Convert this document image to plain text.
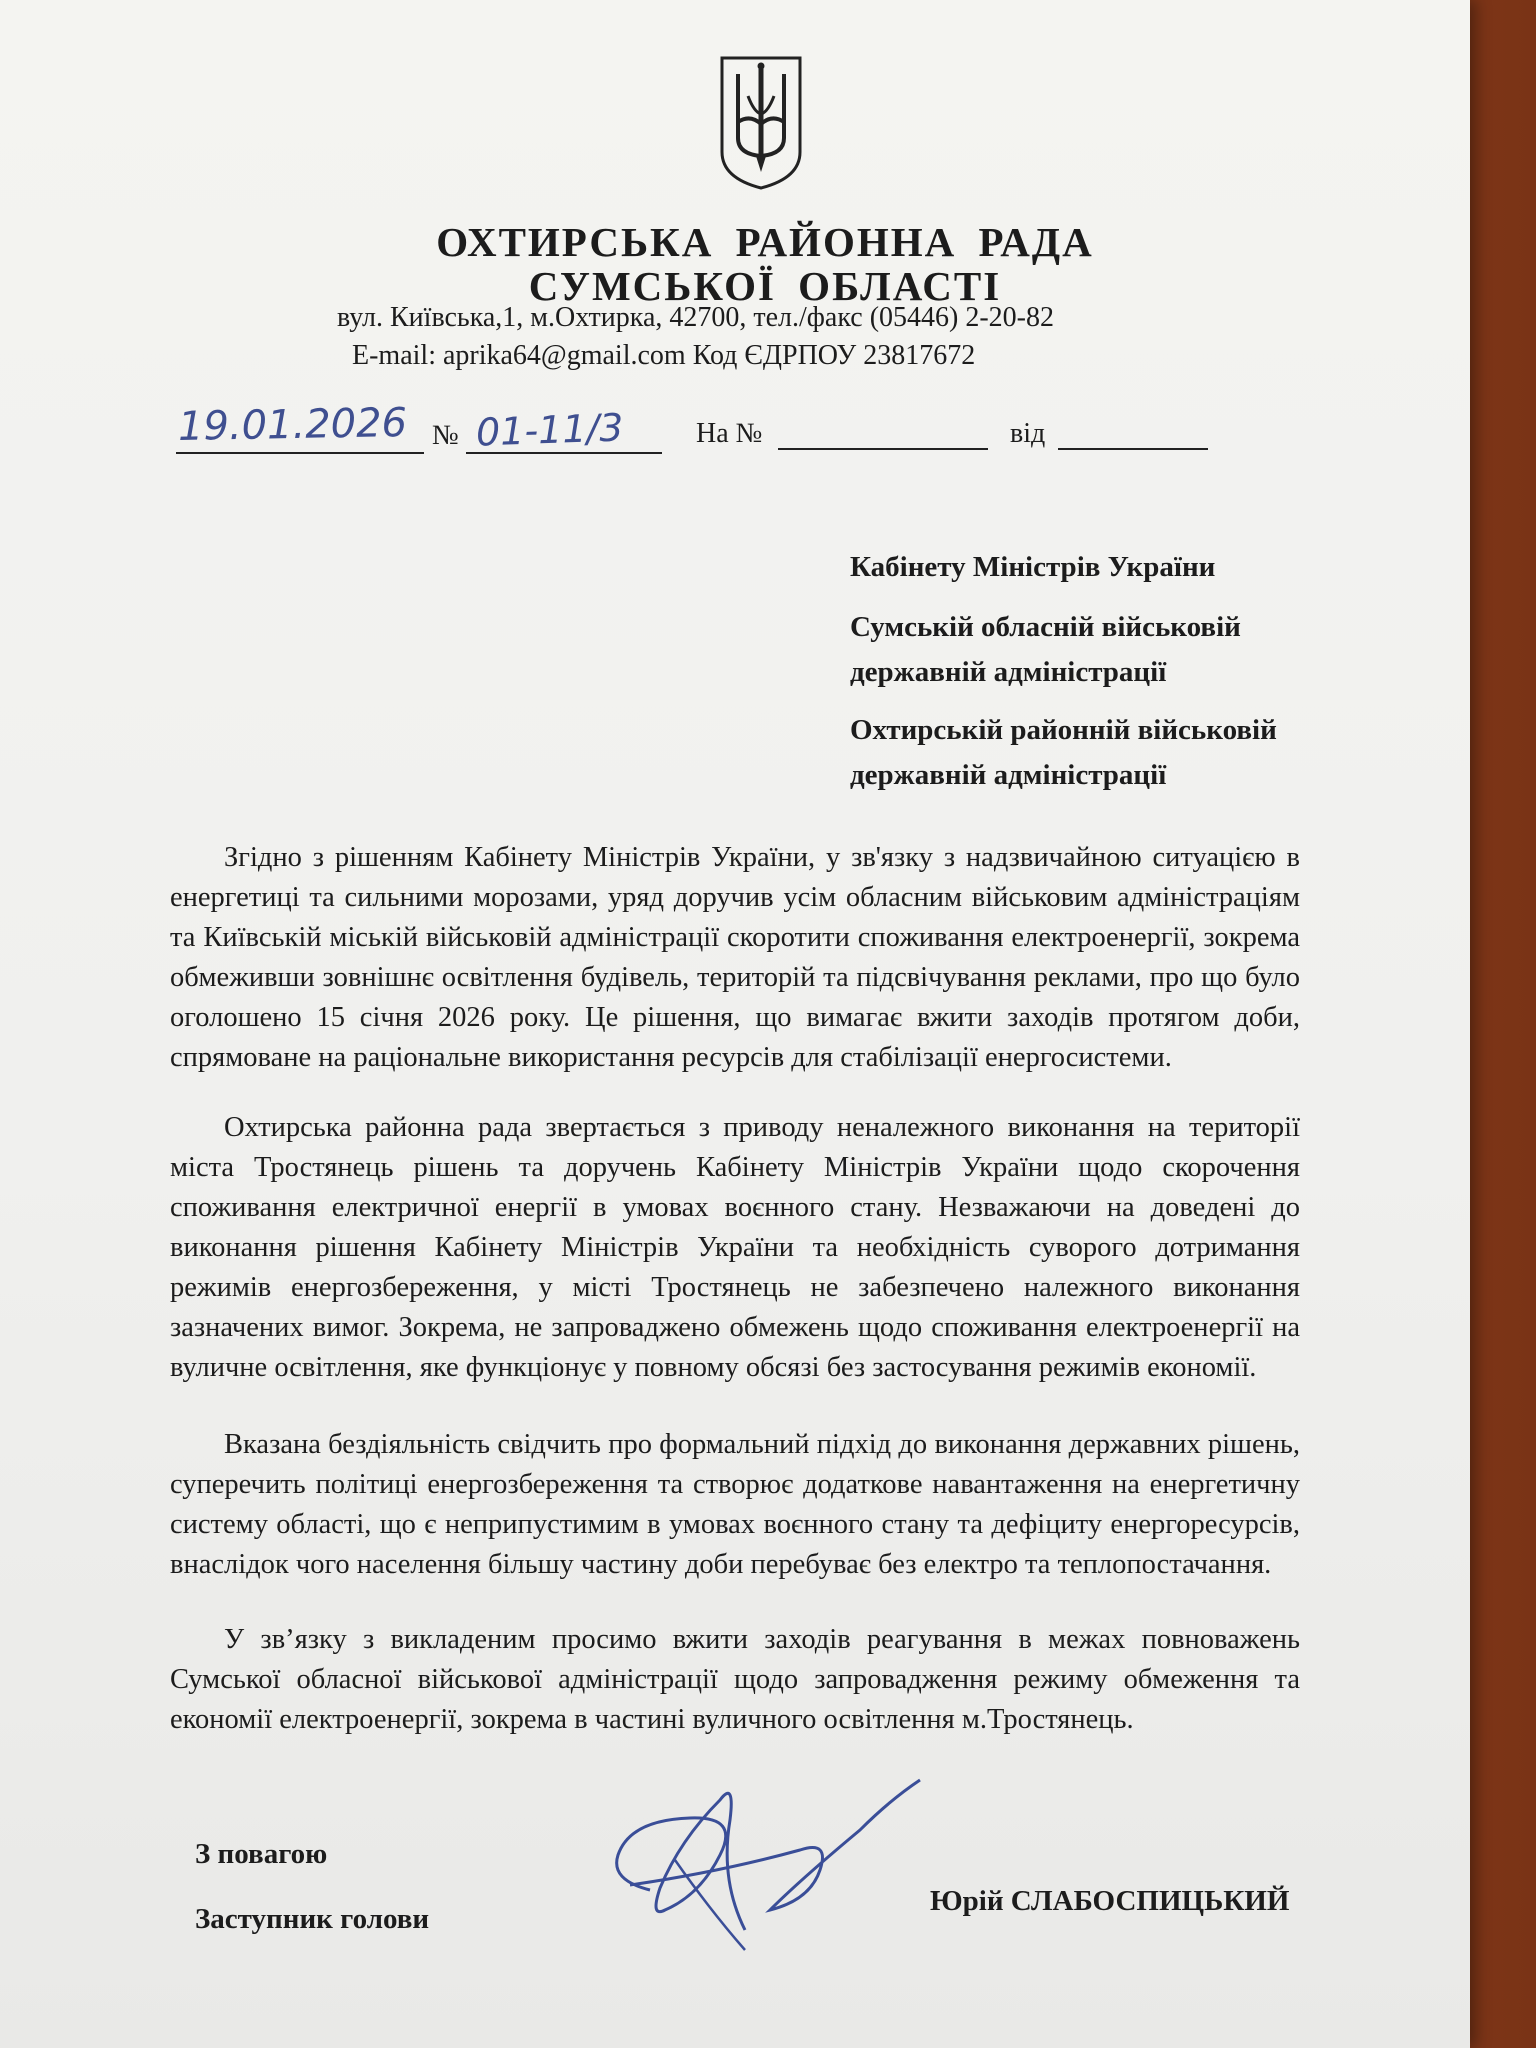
ОХТИРСЬКА РАЙОННА РАДА
СУМСЬКОЇ ОБЛАСТІ
вул. Київська,1, м.Охтирка, 42700, тел./факс (05446) 2-20-82
E-mail: aprika64@gmail.com Код ЄДРПОУ 23817672
19.01.2026 № 01-11/3	На №	від
Кабінету Міністрів України
Сумській обласній військовій
державній адміністрації
Охтирській районній військовій
державній адміністрації

Згідно з рішенням Кабінету Міністрів України, у зв'язку з надзвичайною ситуацією в енергетиці та сильними морозами, уряд доручив усім обласним військовим адміністраціям та Київській міській військовій адміністрації скоротити споживання електроенергії, зокрема обмеживши зовнішнє освітлення будівель, територій та підсвічування реклами, про що було оголошено 15 січня 2026 року. Це рішення, що вимагає вжити заходів протягом доби, спрямоване на раціональне використання ресурсів для стабілізації енергосистеми.

Охтирська районна рада звертається з приводу неналежного виконання на території міста Тростянець рішень та доручень Кабінету Міністрів України щодо скорочення споживання електричної енергії в умовах воєнного стану. Незважаючи на доведені до виконання рішення Кабінету Міністрів України та необхідність суворого дотримання режимів енергозбереження, у місті Тростянець не забезпечено належного виконання зазначених вимог. Зокрема, не запроваджено обмежень щодо споживання електроенергії на вуличне освітлення, яке функціонує у повному обсязі без застосування режимів економії.

Вказана бездіяльність свідчить про формальний підхід до виконання державних рішень, суперечить політиці енергозбереження та створює додаткове навантаження на енергетичну систему області, що є неприпустимим в умовах воєнного стану та дефіциту енергоресурсів, внаслідок чого населення більшу частину доби перебуває без електро та теплопостачання.

У зв’язку з викладеним просимо вжити заходів реагування в межах повноважень Сумської обласної військової адміністрації щодо запровадження режиму обмеження та економії електроенергії, зокрема в частині вуличного освітлення м.Тростянець.

З повагою
Заступник голови
Юрій СЛАБОСПИЦЬКИЙ
